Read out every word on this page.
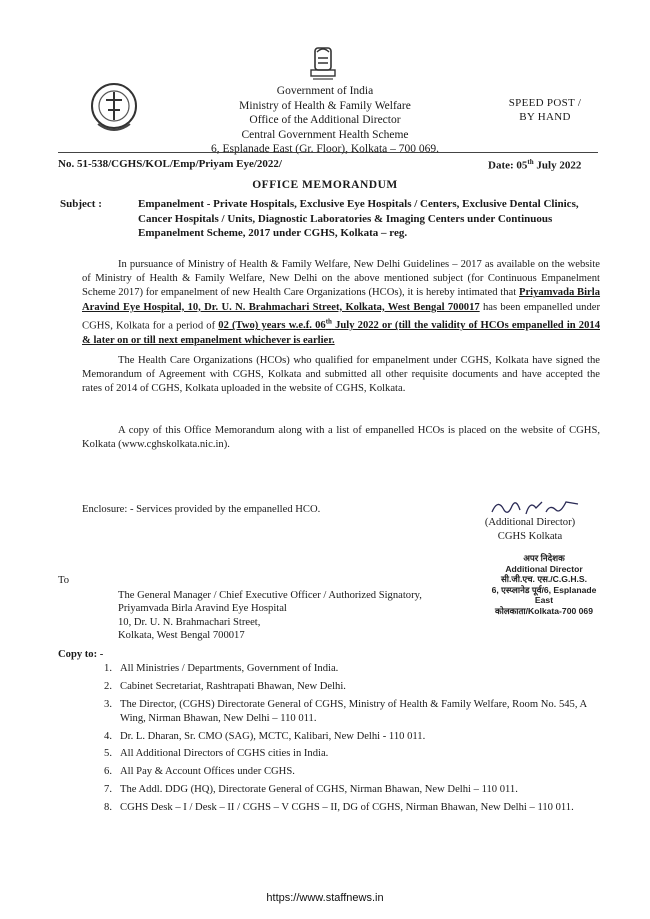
Government of India
Ministry of Health & Family Welfare
Office of the Additional Director
Central Government Health Scheme
6, Esplanade East (Gr. Floor), Kolkata – 700 069.
SPEED POST /
BY HAND
No. 51-538/CGHS/KOL/Emp/Priyam Eye/2022/	Date: 05th July 2022
OFFICE MEMORANDUM
Subject :	Empanelment - Private Hospitals, Exclusive Eye Hospitals / Centers, Exclusive Dental Clinics, Cancer Hospitals / Units, Diagnostic Laboratories & Imaging Centers under Continuous Empanelment Scheme, 2017 under CGHS, Kolkata – reg.
In pursuance of Ministry of Health & Family Welfare, New Delhi Guidelines – 2017 as available on the website of Ministry of Health & Family Welfare, New Delhi on the above mentioned subject (for Continuous Empanelment Scheme 2017) for empanelment of new Health Care Organizations (HCOs), it is hereby intimated that Priyamvada Birla Aravind Eye Hospital, 10, Dr. U. N. Brahmachari Street, Kolkata, West Bengal 700017 has been empanelled under CGHS, Kolkata for a period of 02 (Two) years w.e.f. 06th July 2022 or (till the validity of HCOs empanelled in 2014 & later on or till next empanelment whichever is earlier.
The Health Care Organizations (HCOs) who qualified for empanelment under CGHS, Kolkata have signed the Memorandum of Agreement with CGHS, Kolkata and submitted all other requisite documents and have accepted the rates of 2014 of CGHS, Kolkata uploaded in the website of CGHS, Kolkata.
A copy of this Office Memorandum along with a list of empanelled HCOs is placed on the website of CGHS, Kolkata (www.cghskolkata.nic.in).
Enclosure: - Services provided by the empanelled HCO.
(Additional Director)
CGHS Kolkata
अपर निदेशक
Additional Director
सी.जी.एच. एस./C.G.H.S.
6, एस्प्लानेड पूर्व/6, Esplanade East
कोलकाता/Kolkata-700 069
To
The General Manager / Chief Executive Officer / Authorized Signatory,
Priyamvada Birla Aravind Eye Hospital
10, Dr. U. N. Brahmachari Street,
Kolkata, West Bengal 700017
Copy to: -
1. All Ministries / Departments, Government of India.
2. Cabinet Secretariat, Rashtrapati Bhawan, New Delhi.
3. The Director, (CGHS) Directorate General of CGHS, Ministry of Health & Family Welfare, Room No. 545, A Wing, Nirman Bhawan, New Delhi – 110 011.
4. Dr. L. Dharan, Sr. CMO (SAG), MCTC, Kalibari, New Delhi - 110 011.
5. All Additional Directors of CGHS cities in India.
6. All Pay & Account Offices under CGHS.
7. The Addl. DDG (HQ), Directorate General of CGHS, Nirman Bhawan, New Delhi – 110 011.
8. CGHS Desk – I / Desk – II / CGHS – V CGHS – II, DG of CGHS, Nirman Bhawan, New Delhi – 110 011.
https://www.staffnews.in
